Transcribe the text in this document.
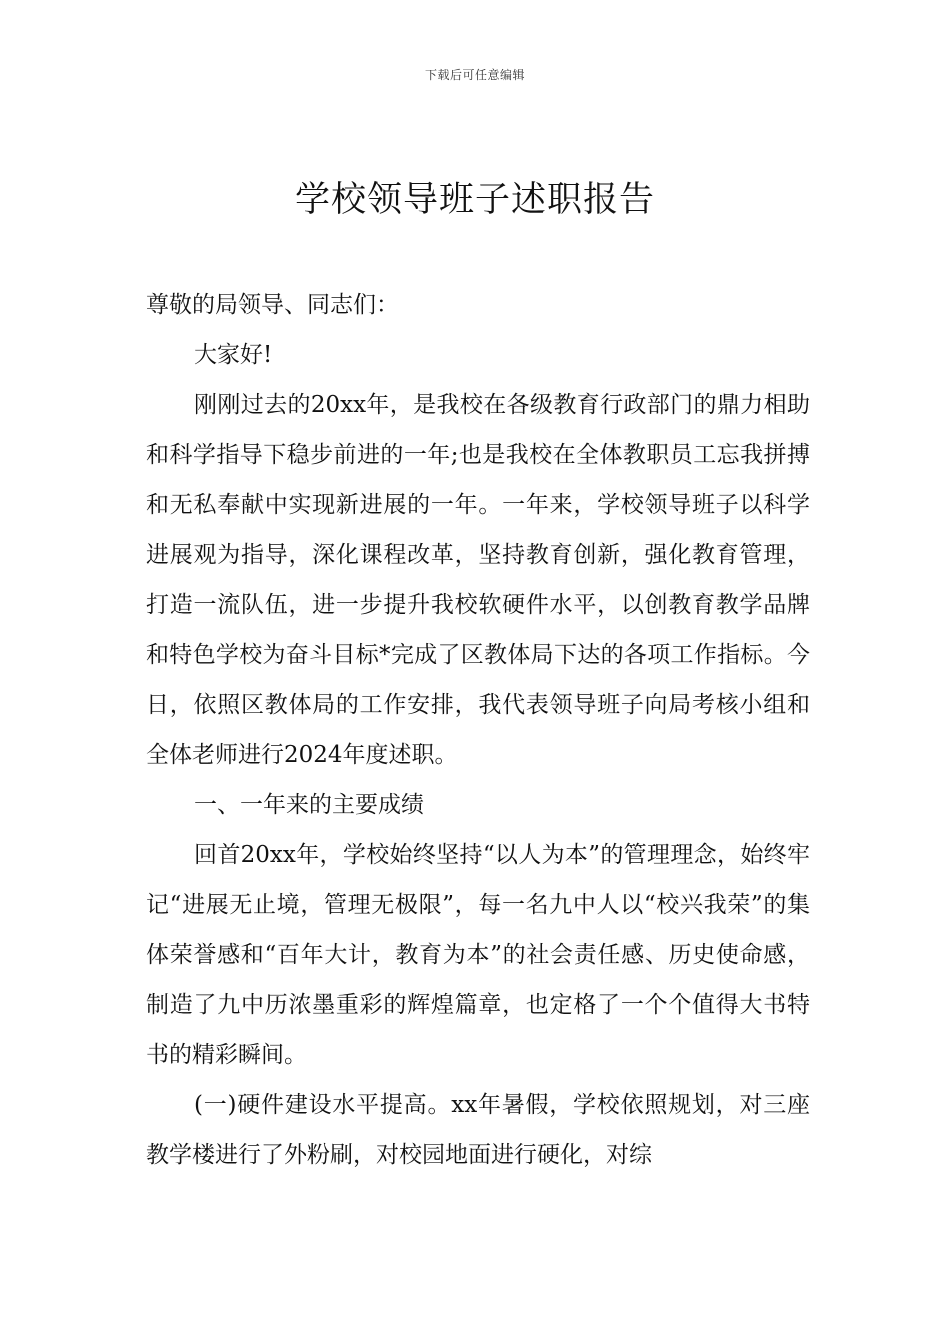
下载后可任意编辑
学校领导班子述职报告

尊敬的局领导、同志们：

大家好!

刚刚过去的20xx年，是我校在各级教育行政部门的鼎力相助和科学指导下稳步前进的一年;也是我校在全体教职员工忘我拼搏和无私奉献中实现新进展的一年。一年来，学校领导班子以科学进展观为指导，深化课程改革，坚持教育创新，强化教育管理，打造一流队伍，进一步提升我校软硬件水平，以创教育教学品牌和特色学校为奋斗目标*完成了区教体局下达的各项工作指标。今日，依照区教体局的工作安排，我代表领导班子向局考核小组和全体老师进行2024年度述职。

一、一年来的主要成绩

回首20xx年，学校始终坚持“以人为本”的管理理念，始终牢记“进展无止境，管理无极限”，每一名九中人以“校兴我荣”的集体荣誉感和“百年大计，教育为本”的社会责任感、历史使命感，制造了九中历浓墨重彩的辉煌篇章，也定格了一个个值得大书特书的精彩瞬间。

(一)硬件建设水平提高。xx年暑假，学校依照规划，对三座教学楼进行了外粉刷，对校园地面进行硬化，对综
